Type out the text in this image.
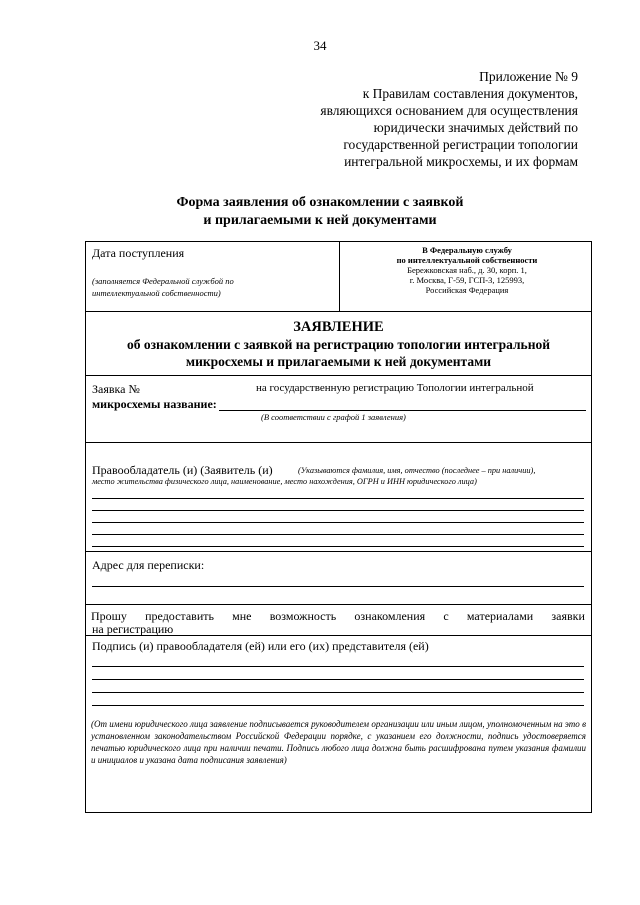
34
Приложение № 9
к Правилам составления документов,
являющихся основанием для осуществления
юридически значимых действий по
государственной регистрации топологии
интегральной микросхемы, и их формам
Форма заявления об ознакомлении с заявкой
и прилагаемыми к ней документами
Дата поступления
(заполняется Федеральной службой по
интеллектуальной собственности)
В Федеральную службу
по интеллектуальной собственности
Бережковская наб., д. 30, корп. 1,
г. Москва, Г-59, ГСП-3, 125993,
Российская Федерация
ЗАЯВЛЕНИЕ
об ознакомлении с заявкой на регистрацию топологии интегральной
микросхемы и прилагаемыми к ней документами
Заявка №	на государственную регистрацию Топологии интегральной
микросхемы название:
(В соответствии с графой 1 заявления)
Правообладатель (и) (Заявитель (и)	(Указываются фамилия, имя, отчество (последнее – при наличии),
место жительства физического лица, наименование, место нахождения, ОГРН и ИНН юридического лица)
Адрес для переписки:
Прошу предоставить мне возможность ознакомления с материалами заявки
на регистрацию
Подпись (и) правообладателя (ей) или его (их) представителя (ей)
(От имени юридического лица заявление подписывается руководителем организации или иным лицом, уполномоченным на это в установленном законодательством Российской Федерации порядке, с указанием его должности, подпись удостоверяется печатью юридического лица при наличии печати. Подпись любого лица должна быть расшифрована путем указания фамилии и инициалов и указана дата подписания заявления)
